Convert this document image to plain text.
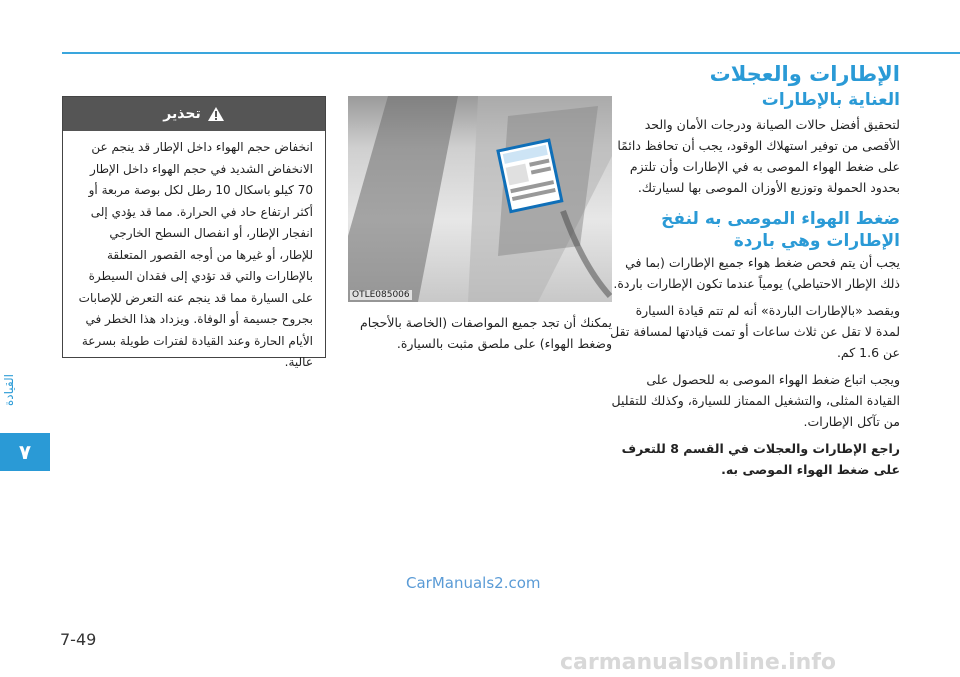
القيادة
٧
7-49
الإطارات والعجلات
العناية بالإطارات

لتحقيق أفضل حالات الصيانة ودرجات الأمان والحد الأقصى من توفير استهلاك الوقود، يجب أن تحافظ دائمًا على ضغط الهواء الموصى به في الإطارات وأن تلتزم بحدود الحمولة وتوزيع الأوزان الموصى بها لسيارتك.

ضغط الهواء الموصى به لنفخ الإطارات وهي باردة

يجب أن يتم فحص ضغط هواء جميع الإطارات (بما في ذلك الإطار الاحتياطي) يومياً عندما تكون الإطارات باردة.

ويقصد «بالإطارات الباردة» أنه لم تتم قيادة السيارة لمدة لا تقل عن ثلاث ساعات أو تمت قيادتها لمسافة تقل عن 1.6 كم.

ويجب اتباع ضغط الهواء الموصى به للحصول على القيادة المثلى، والتشغيل الممتاز للسيارة، وكذلك للتقليل من تآكل الإطارات.

راجع الإطارات والعجلات في القسم 8 للتعرف على ضغط الهواء الموصى به.

OTLE085006
يمكنك أن تجد جميع المواصفات (الخاصة بالأحجام وضغط الهواء) على ملصق مثبت بالسيارة.
تحذير
انخفاض حجم الهواء داخل الإطار قد ينجم عن الانخفاض الشديد في حجم الهواء داخل الإطار 70 كيلو باسكال 10 رطل لكل بوصة مربعة أو أكثر ارتفاع حاد في الحرارة. مما قد يؤدي إلى انفجار الإطار، أو انفصال السطح الخارجي للإطار، أو غيرها من أوجه القصور المتعلقة بالإطارات والتي قد تؤدي إلى فقدان السيطرة على السيارة مما قد ينجم عنه التعرض للإصابات بجروح جسيمة أو الوفاة. ويزداد هذا الخطر في الأيام الحارة وعند القيادة لفترات طويلة بسرعة عالية.
CarManuals2.com
carmanualsonline.info
